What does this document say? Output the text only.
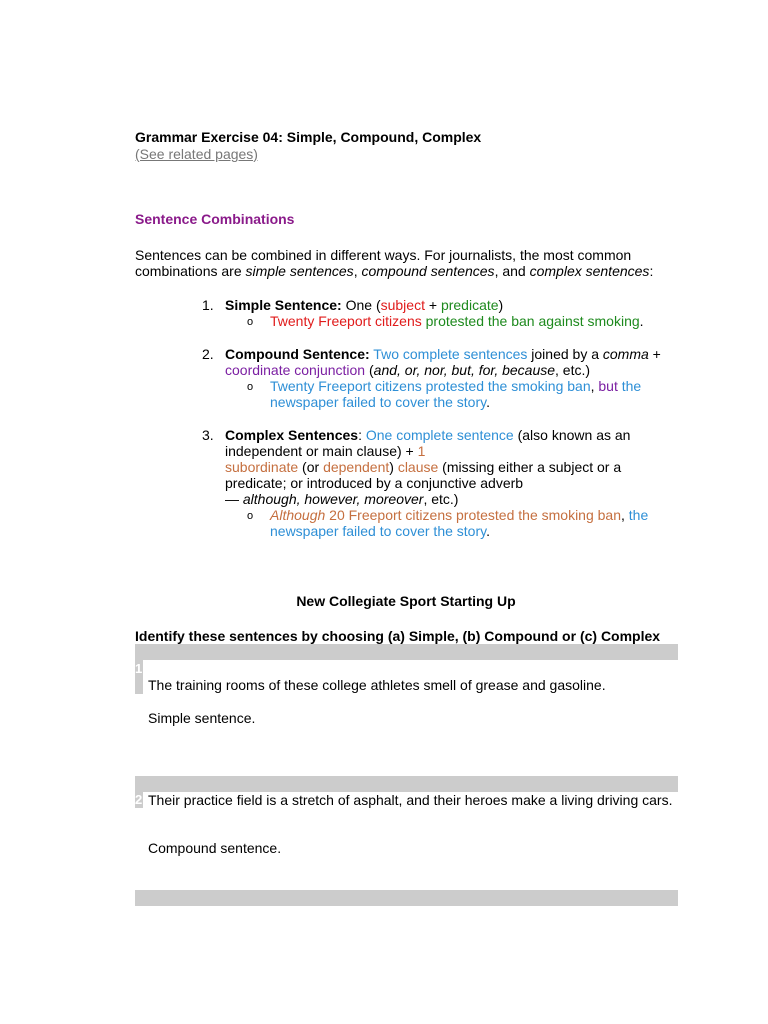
Grammar Exercise 04: Simple, Compound, Complex
(See related pages)
Sentence Combinations
Sentences can be combined in different ways. For journalists, the most common combinations are simple sentences, compound sentences, and complex sentences:
1. Simple Sentence: One (subject + predicate)
o Twenty Freeport citizens protested the ban against smoking.
2. Compound Sentence: Two complete sentences joined by a comma + coordinate conjunction (and, or, nor, but, for, because, etc.)
o Twenty Freeport citizens protested the smoking ban, but the newspaper failed to cover the story.
3. Complex Sentences: One complete sentence (also known as an independent or main clause) + 1
subordinate (or dependent) clause (missing either a subject or a predicate; or introduced by a conjunctive adverb
— although, however, moreover, etc.)
o Although 20 Freeport citizens protested the smoking ban, the newspaper failed to cover the story.
New Collegiate Sport Starting Up
Identify these sentences by choosing (a) Simple, (b) Compound or (c) Complex
1
The training rooms of these college athletes smell of grease and gasoline.
Simple sentence.
2 Their practice field is a stretch of asphalt, and their heroes make a living driving cars.
Compound sentence.
